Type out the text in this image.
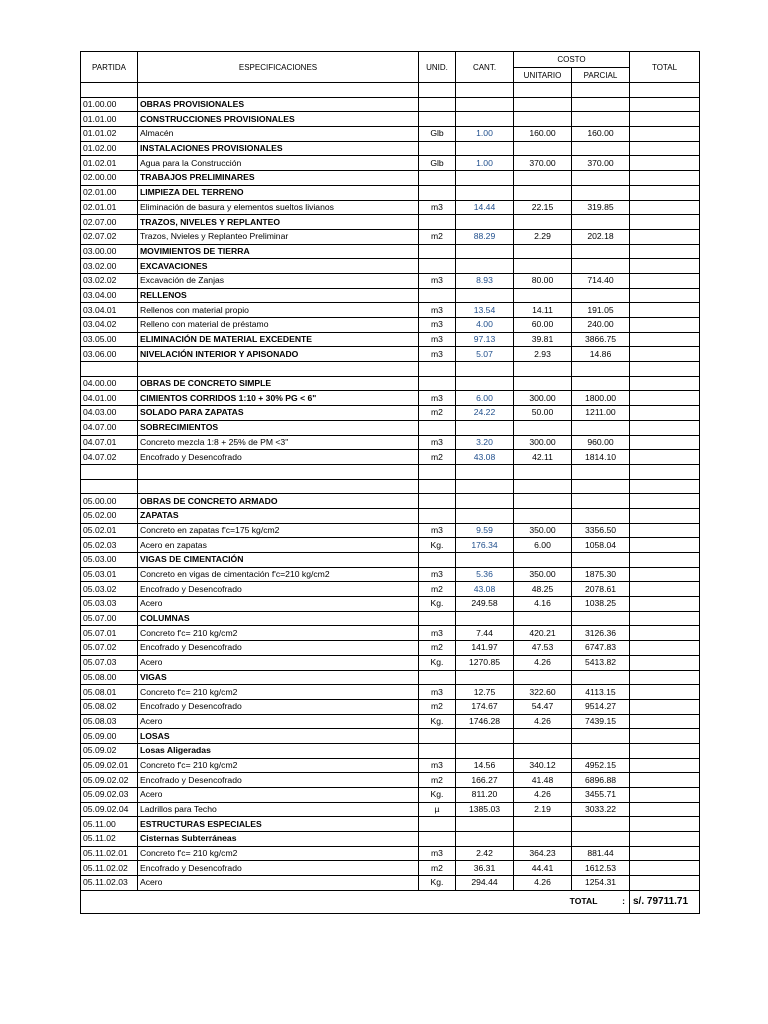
PARTIDA	ESPECIFICACIONES	UNID.	CANT.	COSTO		TOTAL
				UNITARIO	PARCIAL	

01.00.00	OBRAS PROVISIONALES					
01.01.00	CONSTRUCCIONES PROVISIONALES					
01.01.02	Almacén	Glb	1.00	160.00	160.00	
01.02.00	INSTALACIONES PROVISIONALES					
01.02.01	Agua para la Construcción	Glb	1.00	370.00	370.00	
02.00.00	TRABAJOS PRELIMINARES					
02.01.00	LIMPIEZA DEL TERRENO					
02.01.01	Eliminación de basura y elementos sueltos livianos	m3	14.44	22.15	319.85	
02.07.00	TRAZOS, NIVELES Y REPLANTEO					
02.07.02	Trazos, Nvieles y Replanteo Preliminar	m2	88.29	2.29	202.18	
03.00.00	MOVIMIENTOS DE TIERRA					
03.02.00	EXCAVACIONES					
03.02.02	Excavación de Zanjas	m3	8.93	80.00	714.40	
03.04.00	RELLENOS					
03.04.01	Rellenos con material propio	m3	13.54	14.11	191.05	
03.04.02	Relleno con material de préstamo	m3	4.00	60.00	240.00	
03.05.00	ELIMINACIÓN DE MATERIAL EXCEDENTE	m3	97.13	39.81	3866.75	
03.06.00	NIVELACIÓN INTERIOR Y APISONADO	m3	5.07	2.93	14.86	

04.00.00	OBRAS DE CONCRETO SIMPLE					
04.01.00	CIMIENTOS CORRIDOS 1:10 + 30% PG < 6"	m3	6.00	300.00	1800.00	
04.03.00	SOLADO PARA ZAPATAS	m2	24.22	50.00	1211.00	
04.07.00	SOBRECIMIENTOS					
04.07.01	Concreto mezcla 1:8 + 25% de PM <3"	m3	3.20	300.00	960.00	
04.07.02	Encofrado y Desencofrado	m2	43.08	42.11	1814.10	

05.00.00	OBRAS DE CONCRETO ARMADO					
05.02.00	ZAPATAS					
05.02.01	Concreto en zapatas f'c=175 kg/cm2	m3	9.59	350.00	3356.50	
05.02.03	Acero en zapatas	Kg.	176.34	6.00	1058.04	
05.03.00	VIGAS DE CIMENTACIÓN					
05.03.01	Concreto en vigas de cimentación f'c=210 kg/cm2	m3	5.36	350.00	1875.30	
05.03.02	Encofrado y Desencofrado	m2	43.08	48.25	2078.61	
05.03.03	Acero	Kg.	249.58	4.16	1038.25	
05.07.00	COLUMNAS					
05.07.01	Concreto f'c= 210 kg/cm2	m3	7.44	420.21	3126.36	
05.07.02	Encofrado y Desencofrado	m2	141.97	47.53	6747.83	
05.07.03	Acero	Kg.	1270.85	4.26	5413.82	
05.08.00	VIGAS					
05.08.01	Concreto f'c= 210 kg/cm2	m3	12.75	322.60	4113.15	
05.08.02	Encofrado y Desencofrado	m2	174.67	54.47	9514.27	
05.08.03	Acero	Kg.	1746.28	4.26	7439.15	
05.09.00	LOSAS					
05.09.02	Losas Aligeradas					
05.09.02.01	Concreto f'c= 210 kg/cm2	m3	14.56	340.12	4952.15	
05.09.02.02	Encofrado y Desencofrado	m2	166.27	41.48	6896.88	
05.09.02.03	Acero	Kg.	811.20	4.26	3455.71	
05.09.02.04	Ladrillos para Techo	µ	1385.03	2.19	3033.22	
05.11.00	ESTRUCTURAS ESPECIALES					
05.11.02	Cisternas Subterráneas					
05.11.02.01	Concreto f'c= 210 kg/cm2	m3	2.42	364.23	881.44	
05.11.02.02	Encofrado y Desencofrado	m2	36.31	44.41	1612.53	
05.11.02.03	Acero	Kg.	294.44	4.26	1254.31	
TOTAL :						s/. 79711.71
